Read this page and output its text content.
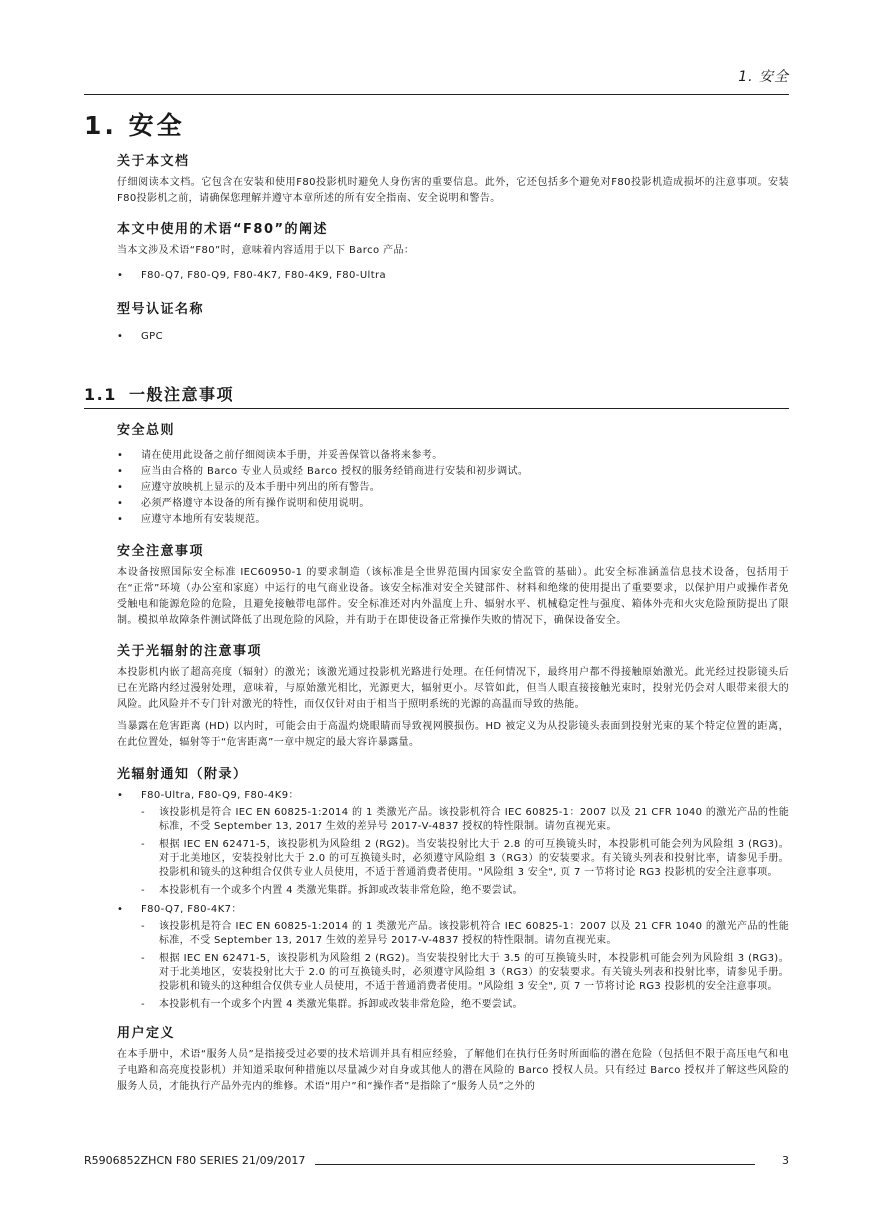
1. 安全
1. 安全
关于本文档

仔细阅读本文档。它包含在安装和使用F80投影机时避免人身伤害的重要信息。此外，它还包括多个避免对F80投影机造成损坏的注意事项。安装 F80投影机之前，请确保您理解并遵守本章所述的所有安全指南、安全说明和警告。

本文中使用的术语“F80”的阐述

当本文涉及术语“F80”时，意味着内容适用于以下 Barco 产品：

• F80-Q7, F80-Q9, F80-4K7, F80-4K9, F80-Ultra
型号认证名称
• GPC
1.1 一般注意事项
安全总则
• 请在使用此设备之前仔细阅读本手册，并妥善保管以备将来参考。
• 应当由合格的 Barco 专业人员或经 Barco 授权的服务经销商进行安装和初步调试。
• 应遵守放映机上显示的及本手册中列出的所有警告。
• 必须严格遵守本设备的所有操作说明和使用说明。
• 应遵守本地所有安装规范。
安全注意事项

本设备按照国际安全标准 IEC60950-1 的要求制造（该标准是全世界范围内国家安全监管的基础）。此安全标准涵盖信息技术设备，包括用于在“正常”环境（办公室和家庭）中运行的电气商业设备。该安全标准对安全关键部件、材料和绝缘的使用提出了重要要求，以保护用户或操作者免受触电和能源危险的危险，且避免接触带电部件。安全标准还对内外温度上升、辐射水平、机械稳定性与强度、箱体外壳和火灾危险预防提出了限制。模拟单故障条件测试降低了出现危险的风险，并有助于在即使设备正常操作失败的情况下，确保设备安全。

关于光辐射的注意事项

本投影机内嵌了超高亮度（辐射）的激光；该激光通过投影机光路进行处理。在任何情况下，最终用户都不得接触原始激光。此光经过投影镜头后已在光路内经过漫射处理，意味着，与原始激光相比，光源更大，辐射更小。尽管如此，但当人眼直接接触光束时，投射光仍会对人眼带来很大的风险。此风险并不专门针对激光的特性，而仅仅针对由于相当于照明系统的光源的高温而导致的热能。

当暴露在危害距离 (HD) 以内时，可能会由于高温灼烧眼睛而导致视网膜损伤。HD 被定义为从投影镜头表面到投射光束的某个特定位置的距离，在此位置处，辐射等于“危害距离”一章中规定的最大容许暴露量。

光辐射通知（附录）
• F80-Ultra, F80-Q9, F80-4K9：
- 该投影机是符合 IEC EN 60825-1:2014 的 1 类激光产品。该投影机符合 IEC 60825-1：2007 以及 21 CFR 1040 的激光产品的性能标准，不受 September 13, 2017 生效的差异号 2017-V-4837 授权的特性限制。请勿直视光束。
- 根据 IEC EN 62471-5，该投影机为风险组 2 (RG2)。当安装投射比大于 2.8 的可互换镜头时，本投影机可能会列为风险组 3 (RG3)。对于北美地区，安装投射比大于 2.0 的可互换镜头时，必须遵守风险组 3（RG3）的安装要求。有关镜头列表和投射比率，请参见手册。投影机和镜头的这种组合仅供专业人员使用，不适于普通消费者使用。"风险组 3 安全", 页 7 一节将讨论 RG3 投影机的安全注意事项。
- 本投影机有一个或多个内置 4 类激光集群。拆卸或改装非常危险，绝不要尝试。
• F80-Q7, F80-4K7：
- 该投影机是符合 IEC EN 60825-1:2014 的 1 类激光产品。该投影机符合 IEC 60825-1：2007 以及 21 CFR 1040 的激光产品的性能标准，不受 September 13, 2017 生效的差异号 2017-V-4837 授权的特性限制。请勿直视光束。
- 根据 IEC EN 62471-5，该投影机为风险组 2 (RG2)。当安装投射比大于 3.5 的可互换镜头时，本投影机可能会列为风险组 3 (RG3)。对于北美地区，安装投射比大于 2.0 的可互换镜头时，必须遵守风险组 3（RG3）的安装要求。有关镜头列表和投射比率，请参见手册。投影机和镜头的这种组合仅供专业人员使用，不适于普通消费者使用。"风险组 3 安全", 页 7 一节将讨论 RG3 投影机的安全注意事项。
- 本投影机有一个或多个内置 4 类激光集群。拆卸或改装非常危险，绝不要尝试。
用户定义

在本手册中，术语“服务人员”是指接受过必要的技术培训并具有相应经验，了解他们在执行任务时所面临的潜在危险（包括但不限于高压电气和电子电路和高亮度投影机）并知道采取何种措施以尽量减少对自身或其他人的潜在风险的 Barco 授权人员。只有经过 Barco 授权并了解这些风险的服务人员，才能执行产品外壳内的维修。术语“用户”和“操作者”是指除了“服务人员”之外的

R5906852ZHCN F80 SERIES 21/09/2017	3
